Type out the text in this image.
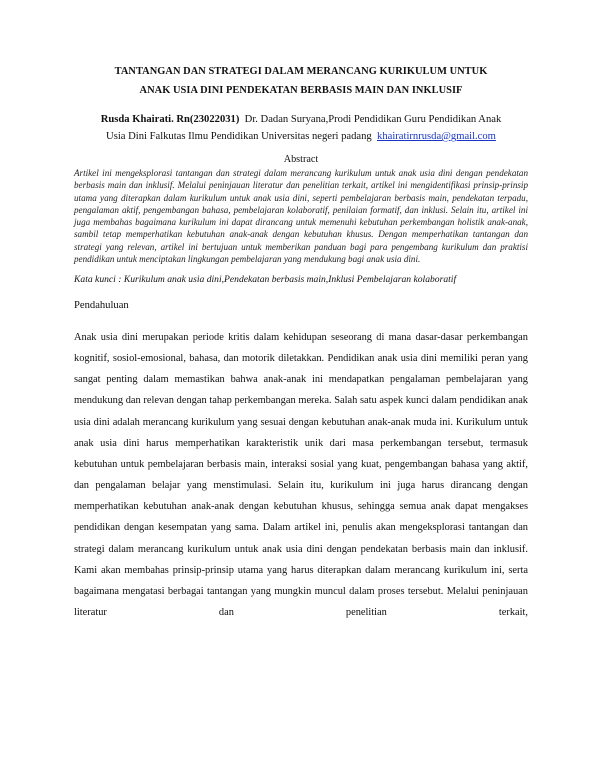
TANTANGAN DAN STRATEGI DALAM MERANCANG KURIKULUM UNTUK
ANAK USIA DINI PENDEKATAN BERBASIS MAIN DAN INKLUSIF
Rusda Khairati. Rn(23022031)  Dr. Dadan Suryana,Prodi Pendidikan Guru Pendidikan Anak
Usia Dini Falkutas Ilmu Pendidikan Universitas negeri padang  khairatirnrusda@gmail.com
Abstract

Artikel ini mengeksplorasi tantangan dan strategi dalam merancang kurikulum untuk anak usia dini dengan pendekatan berbasis main dan inklusif. Melalui peninjauan literatur dan penelitian terkait, artikel ini mengidentifikasi prinsip-prinsip utama yang diterapkan dalam kurikulum untuk anak usia dini, seperti pembelajaran berbasis main, pendekatan terpadu, pengalaman aktif, pengembangan bahasa, pembelajaran kolaboratif, penilaian formatif, dan inklusi. Selain itu, artikel ini juga membahas bagaimana kurikulum ini dapat dirancang untuk memenuhi kebutuhan perkembangan holistik anak-anak, sambil tetap memperhatikan kebutuhan anak-anak dengan kebutuhan khusus. Dengan memperhatikan tantangan dan strategi yang relevan, artikel ini bertujuan untuk memberikan panduan bagi para pengembang kurikulum dan praktisi pendidikan untuk menciptakan lingkungan pembelajaran yang mendukung bagi anak usia dini.

Kata kunci : Kurikulum anak usia dini,Pendekatan berbasis main,Inklusi Pembelajaran kolaboratif
Pendahuluan

Anak usia dini merupakan periode kritis dalam kehidupan seseorang di mana dasar-dasar perkembangan kognitif, sosiol-emosional, bahasa, dan motorik diletakkan. Pendidikan anak usia dini memiliki peran yang sangat penting dalam memastikan bahwa anak-anak ini mendapatkan pengalaman pembelajaran yang mendukung dan relevan dengan tahap perkembangan mereka. Salah satu aspek kunci dalam pendidikan anak usia dini adalah merancang kurikulum yang sesuai dengan kebutuhan anak-anak muda ini. Kurikulum untuk anak usia dini harus memperhatikan karakteristik unik dari masa perkembangan tersebut, termasuk kebutuhan untuk pembelajaran berbasis main, interaksi sosial yang kuat, pengembangan bahasa yang aktif, dan pengalaman belajar yang menstimulasi. Selain itu, kurikulum ini juga harus dirancang dengan memperhatikan kebutuhan anak-anak dengan kebutuhan khusus, sehingga semua anak dapat mengakses pendidikan dengan kesempatan yang sama. Dalam artikel ini, penulis akan mengeksplorasi tantangan dan strategi dalam merancang kurikulum untuk anak usia dini dengan pendekatan berbasis main dan inklusif. Kami akan membahas prinsip-prinsip utama yang harus diterapkan dalam merancang kurikulum ini, serta bagaimana mengatasi berbagai tantangan yang mungkin muncul dalam proses tersebut. Melalui peninjauan literatur dan penelitian terkait,
